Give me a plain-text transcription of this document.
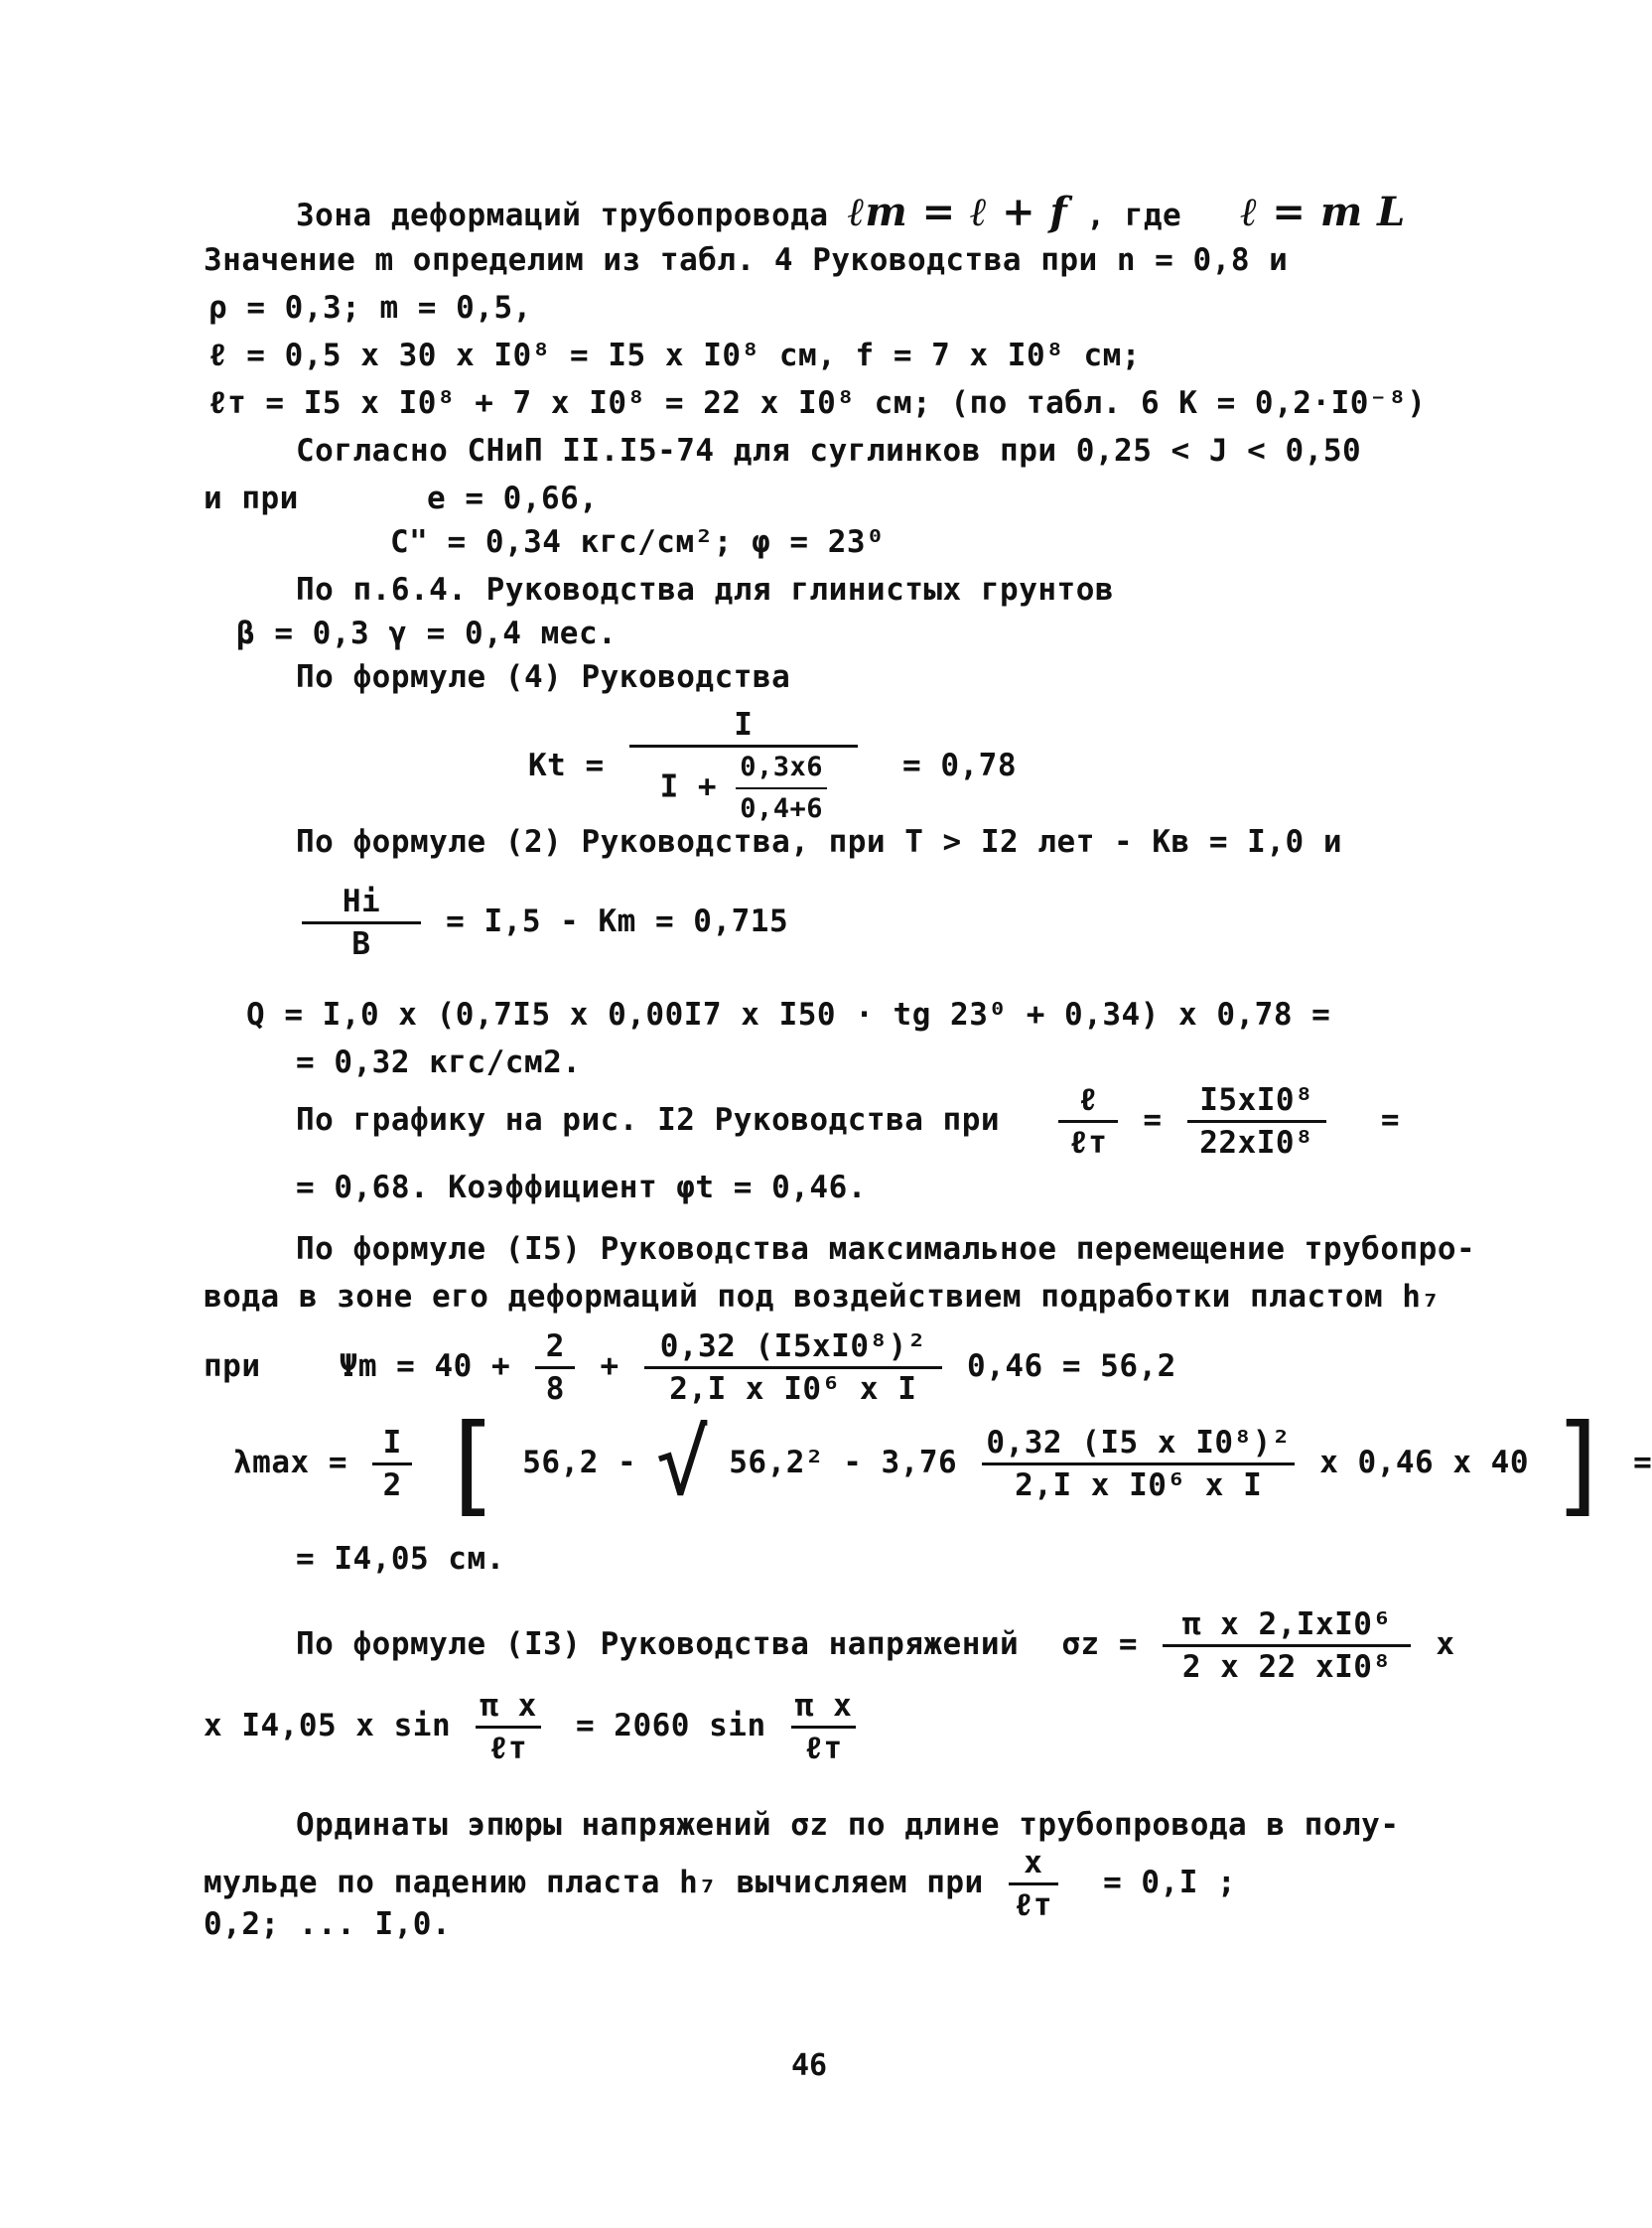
Зона деформаций трубопровода ℓт = ℓ + f , где ℓ = m L
Значение m определим из табл. 4 Руководства при n = 0,8 и
ρ = 0,3; m = 0,5,
ℓ = 0,5 x 30 x I0⁸ = I5 x I0⁸ см, f = 7 x I0⁸ см;
ℓт = I5 x I0⁸ + 7 x I0⁸ = 22 x I0⁸ см; (по табл. 6 K = 0,2·I0⁻⁸)
Согласно СНиП II.I5-74 для суглинков при 0,25 < J < 0,50
и при	e = 0,66,
C" = 0,34 кгс/см²; φ = 23⁰
По п.6.4. Руководства для глинистых грунтов
β = 0,3 γ = 0,4 мес.
По формуле (4) Руководства
$Kt = \frac{I}{I + \frac{0,3x6}{0,4+6}} = 0,78$
По формуле (2) Руководства, при T > I2 лет - Kв = I,0 и
$\frac{Hi}{B} = I,5 - Km = 0,715$
Q = I,0 x (0,7I5 x 0,00I7 x I50 · tg 23⁰ + 0,34) x 0,78 =
= 0,32 кгс/см2.
По графику на рис. I2 Руководства при $\frac{\text{ℓ}}{\text{ℓт}} = \frac{\text{I5xI0⁸}}{\text{22xI0⁸}}$ =
= 0,68. Коэффициент φt = 0,46.
По формуле (I5) Руководства максимальное перемещение трубопро-
вода в зоне его деформаций под воздействием подработки пластом h₇
при	$\Psi m = 40 + \frac{2}{8} + \frac{\text{0,32 (I5xI0⁸)²}}{\text{2,I x I0⁶ x I}} 0,46 = 56,2$
$\lambda\max = \frac{I}{2}$ [ 56,2 - √ $56,2^2 - 3,76 \frac{\text{0,32 (I5 x I0⁸)²}}{\text{2,I x I0⁶ x I}}$ x 0,46 x 40 ] =
= I4,05 см.
По формуле (I3) Руководства напряжений $\sigma z = \frac{\text{π x 2,IxI0⁶}}{\text{2 x 22 xI0⁸}}$ x
x I4,05 x $\sin \frac{\text{π x}}{\text{ℓт}} = 2060$ $\sin \frac{\text{π x}}{\text{ℓт}}$
Ординаты эпюры напряжений σz по длине трубопровода в полу-
мульде по падению пласта h₇ вычисляем при $\frac{x}{\text{ℓт}} = 0,I$ ;
0,2; ... I,0.
46
